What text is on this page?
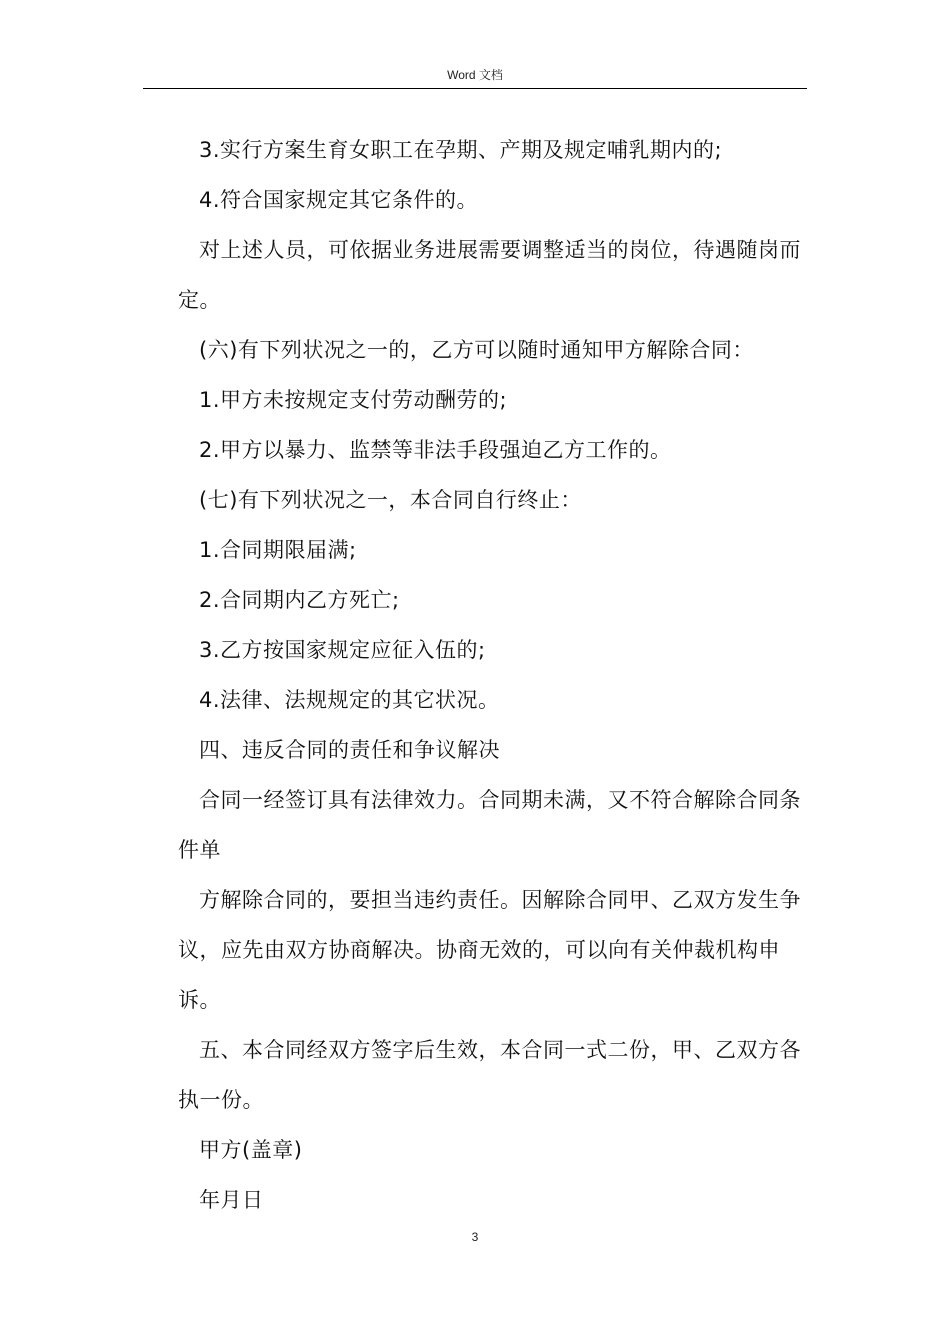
Word 文档

3.实行方案生育女职工在孕期、产期及规定哺乳期内的;

4.符合国家规定其它条件的。

对上述人员，可依据业务进展需要调整适当的岗位，待遇随岗而定。

(六)有下列状况之一的，乙方可以随时通知甲方解除合同：

1.甲方未按规定支付劳动酬劳的;

2.甲方以暴力、监禁等非法手段强迫乙方工作的。

(七)有下列状况之一，本合同自行终止：

1.合同期限届满;

2.合同期内乙方死亡;

3.乙方按国家规定应征入伍的;

4.法律、法规规定的其它状况。

四、违反合同的责任和争议解决

合同一经签订具有法律效力。合同期未满，又不符合解除合同条件单

方解除合同的，要担当违约责任。因解除合同甲、乙双方发生争议，应先由双方协商解决。协商无效的，可以向有关仲裁机构申诉。

五、本合同经双方签字后生效，本合同一式二份，甲、乙双方各执一份。

甲方(盖章)

年月日

3
